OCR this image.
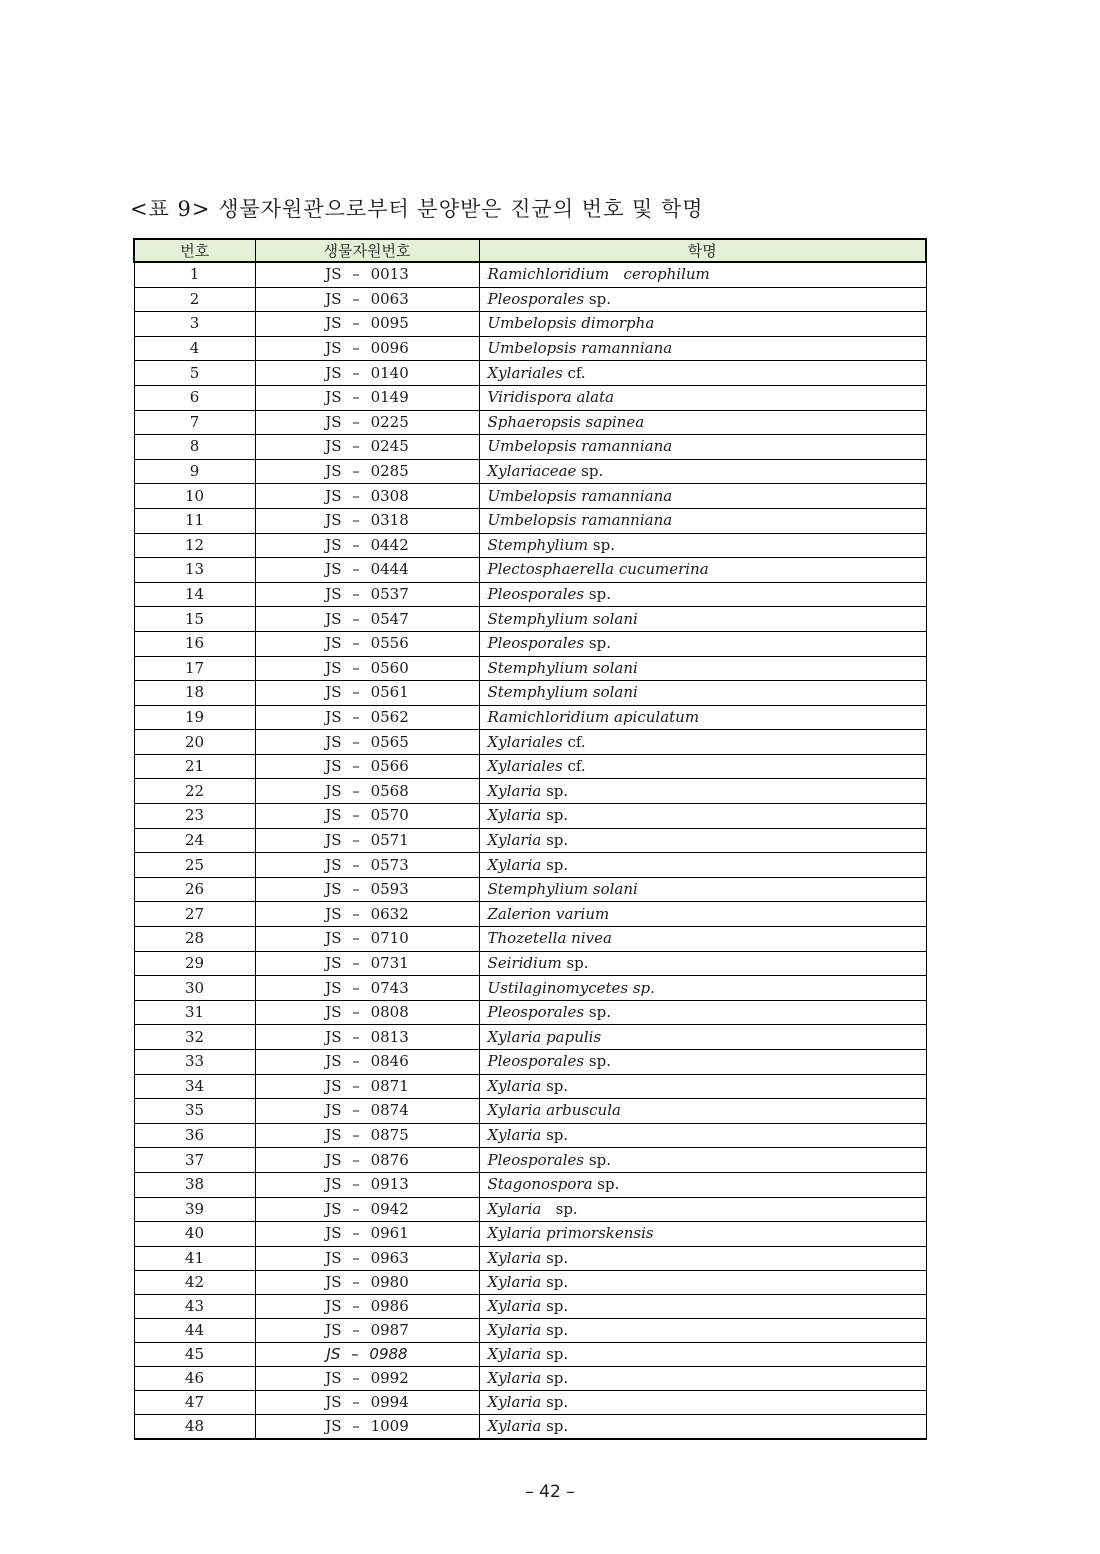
<표 9> 생물자원관으로부터 분양받은 진균의 번호 및 학명
번호	생물자원번호	학명
1	JS – 0013	Ramichloridium   cerophilum
2	JS – 0063	Pleosporales sp.
3	JS – 0095	Umbelopsis dimorpha
4	JS – 0096	Umbelopsis ramanniana
5	JS – 0140	Xylariales cf.
6	JS – 0149	Viridispora alata
7	JS – 0225	Sphaeropsis sapinea
8	JS – 0245	Umbelopsis ramanniana
9	JS – 0285	Xylariaceae sp.
10	JS – 0308	Umbelopsis ramanniana
11	JS – 0318	Umbelopsis ramanniana
12	JS – 0442	Stemphylium sp.
13	JS – 0444	Plectosphaerella cucumerina
14	JS – 0537	Pleosporales sp.
15	JS – 0547	Stemphylium solani
16	JS – 0556	Pleosporales sp.
17	JS – 0560	Stemphylium solani
18	JS – 0561	Stemphylium solani
19	JS – 0562	Ramichloridium apiculatum
20	JS – 0565	Xylariales cf.
21	JS – 0566	Xylariales cf.
22	JS – 0568	Xylaria sp.
23	JS – 0570	Xylaria sp.
24	JS – 0571	Xylaria sp.
25	JS – 0573	Xylaria sp.
26	JS – 0593	Stemphylium solani
27	JS – 0632	Zalerion varium
28	JS – 0710	Thozetella nivea
29	JS – 0731	Seiridium sp.
30	JS – 0743	Ustilaginomycetes sp.
31	JS – 0808	Pleosporales sp.
32	JS – 0813	Xylaria papulis
33	JS – 0846	Pleosporales sp.
34	JS – 0871	Xylaria sp.
35	JS – 0874	Xylaria arbuscula
36	JS – 0875	Xylaria sp.
37	JS – 0876	Pleosporales sp.
38	JS – 0913	Stagonospora sp.
39	JS – 0942	Xylaria   sp.
40	JS – 0961	Xylaria primorskensis
41	JS – 0963	Xylaria sp.
42	JS – 0980	Xylaria sp.
43	JS – 0986	Xylaria sp.
44	JS – 0987	Xylaria sp.
45	JS – 0988	Xylaria sp.
46	JS – 0992	Xylaria sp.
47	JS – 0994	Xylaria sp.
48	JS – 1009	Xylaria sp.
– 42 –
